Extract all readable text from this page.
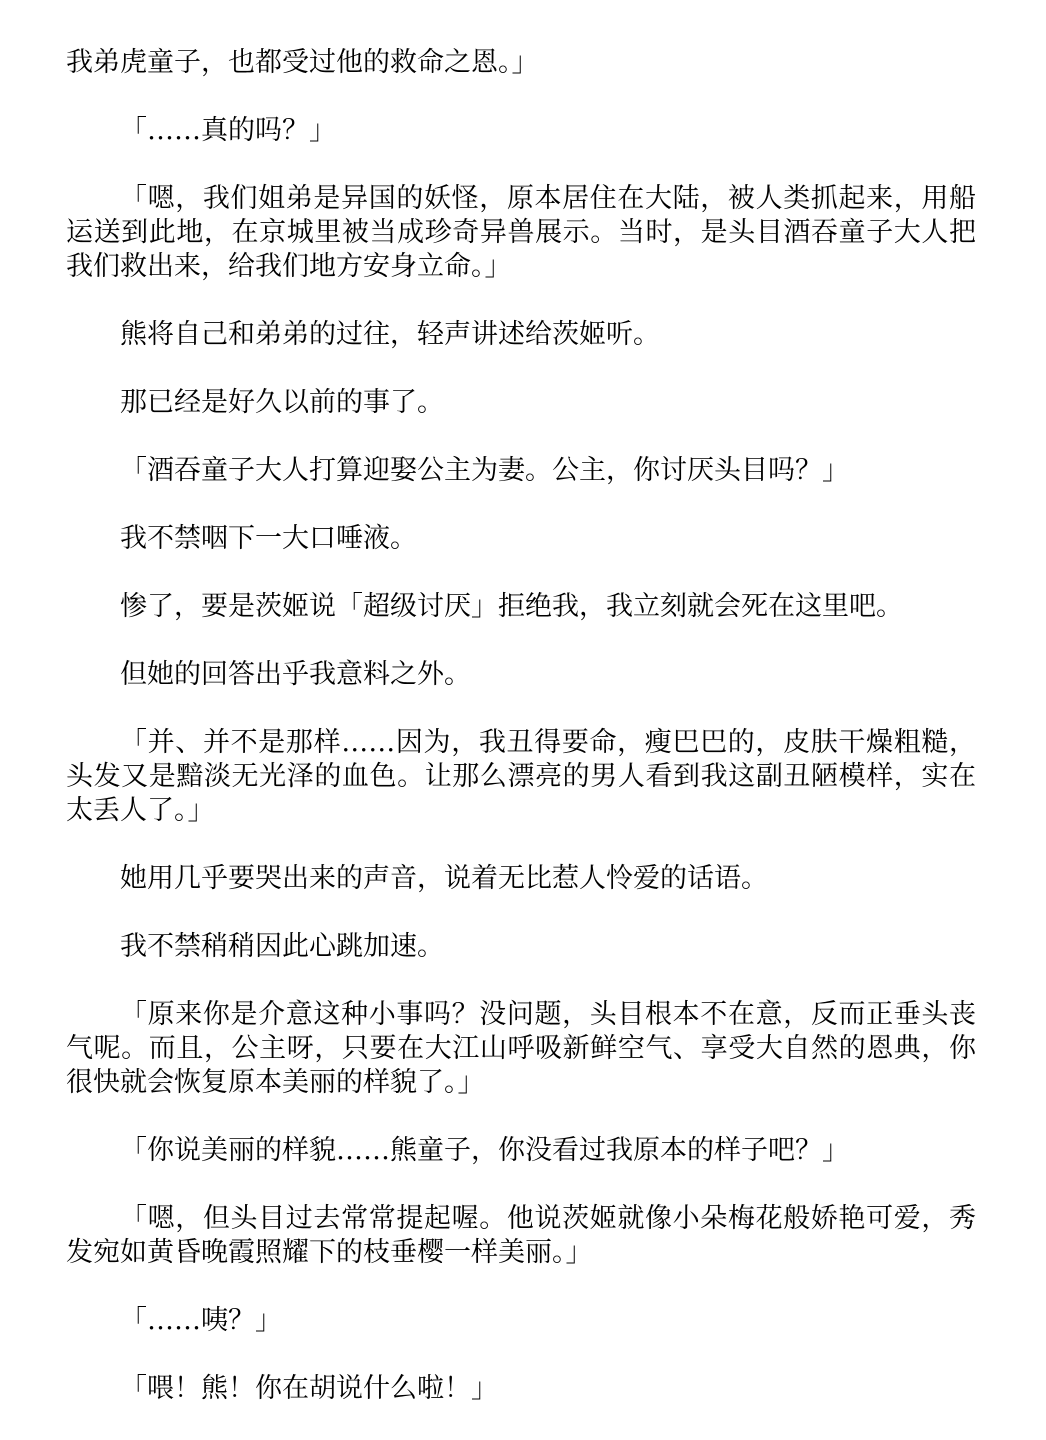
我弟虎童子，也都受过他的救命之恩。」

「……真的吗？」

「嗯，我们姐弟是异国的妖怪，原本居住在大陆，被人类抓起来，用船运送到此地，在京城里被当成珍奇异兽展示。当时，是头目酒吞童子大人把我们救出来，给我们地方安身立命。」

熊将自己和弟弟的过往，轻声讲述给茨姬听。

那已经是好久以前的事了。

「酒吞童子大人打算迎娶公主为妻。公主，你讨厌头目吗？」

我不禁咽下一大口唾液。

惨了，要是茨姬说「超级讨厌」拒绝我，我立刻就会死在这里吧。

但她的回答出乎我意料之外。

「并、并不是那样……因为，我丑得要命，瘦巴巴的，皮肤干燥粗糙，头发又是黯淡无光泽的血色。让那么漂亮的男人看到我这副丑陋模样，实在太丢人了。」

她用几乎要哭出来的声音，说着无比惹人怜爱的话语。

我不禁稍稍因此心跳加速。

「原来你是介意这种小事吗？没问题，头目根本不在意，反而正垂头丧气呢。而且，公主呀，只要在大江山呼吸新鲜空气、享受大自然的恩典，你很快就会恢复原本美丽的样貌了。」

「你说美丽的样貌……熊童子，你没看过我原本的样子吧？」

「嗯，但头目过去常常提起喔。他说茨姬就像小朵梅花般娇艳可爱，秀发宛如黄昏晚霞照耀下的枝垂樱一样美丽。」

「……咦？」

「喂！熊！你在胡说什么啦！」
